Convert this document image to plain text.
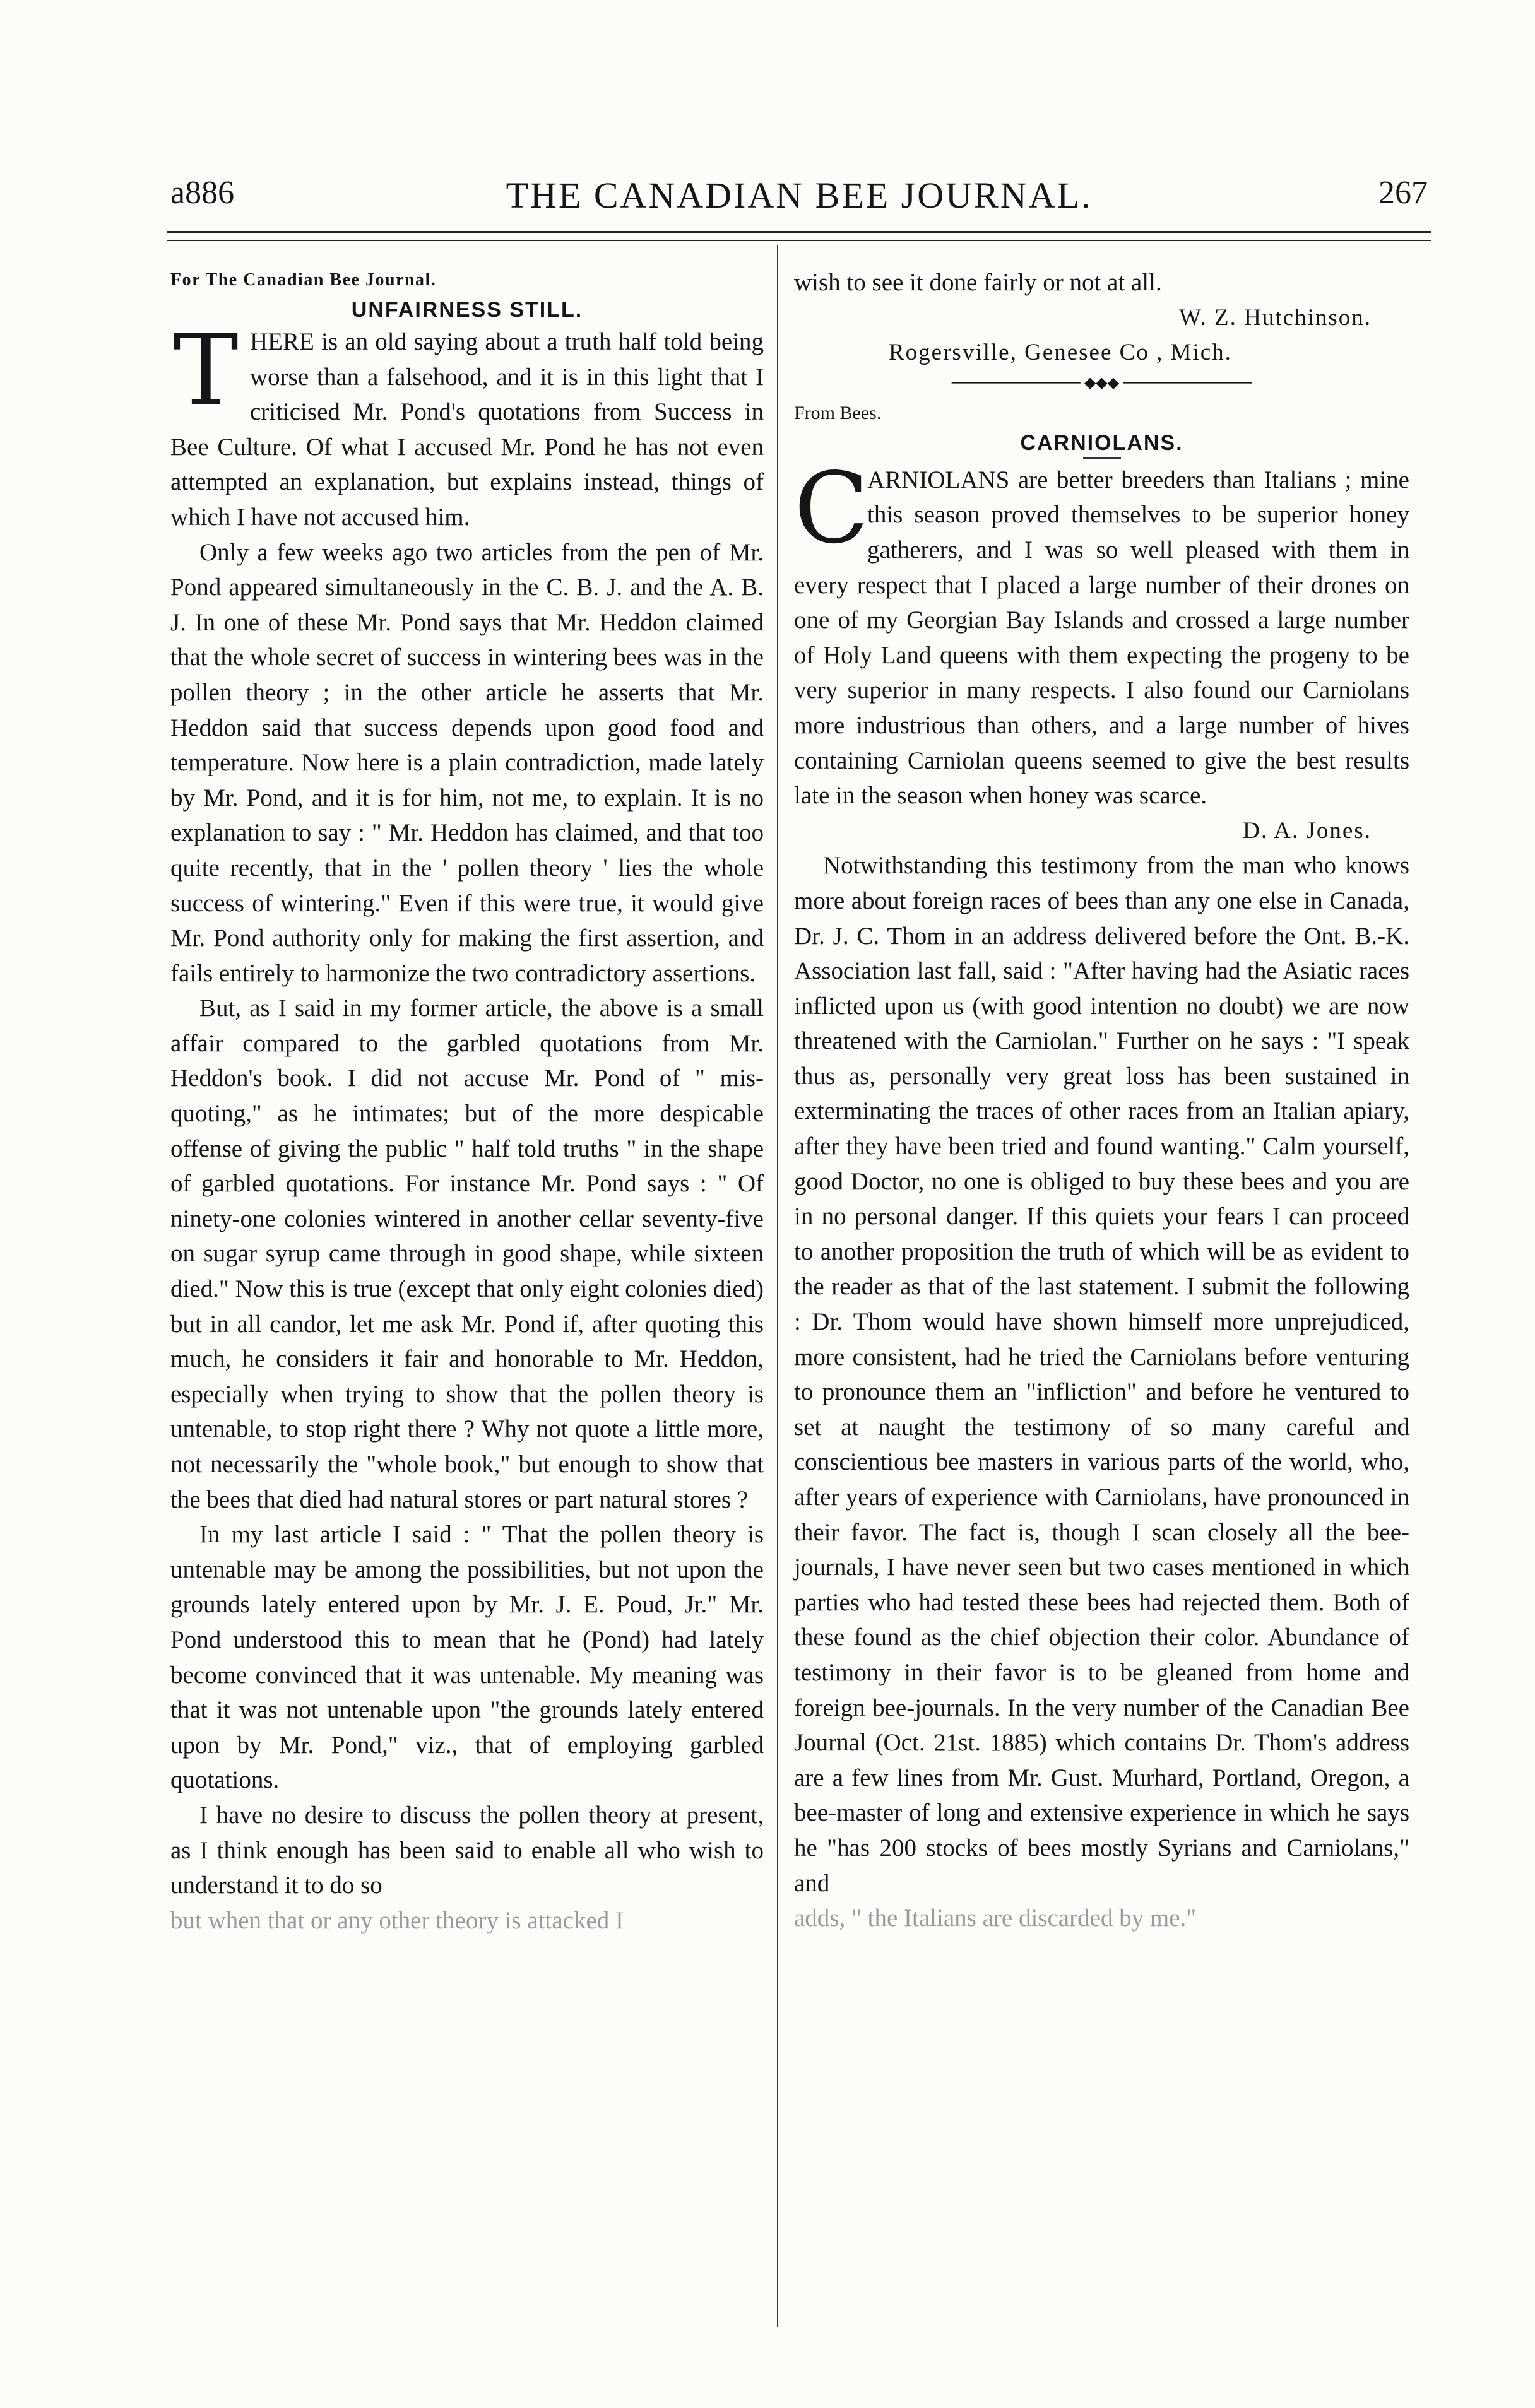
a886	THE CANADIAN BEE JOURNAL.	267
For The Canadian Bee Journal.
UNFAIRNESS STILL.

THERE is an old saying about a truth half told being worse than a falsehood, and it is in this light that I criticised Mr. Pond's quotations from Success in Bee Culture. Of what I accused Mr. Pond he has not even attempted an explanation, but explains instead, things of which I have not accused him.

Only a few weeks ago two articles from the pen of Mr. Pond appeared simultaneously in the C. B. J. and the A. B. J. In one of these Mr. Pond says that Mr. Heddon claimed that the whole secret of success in wintering bees was in the pollen theory ; in the other article he asserts that Mr. Heddon said that success depends upon good food and temperature. Now here is a plain contradiction, made lately by Mr. Pond, and it is for him, not me, to explain. It is no explanation to say : " Mr. Heddon has claimed, and that too quite recently, that in the ' pollen theory ' lies the whole success of wintering." Even if this were true, it would give Mr. Pond authority only for making the first assertion, and fails entirely to harmonize the two contradictory assertions.

But, as I said in my former article, the above is a small affair compared to the garbled quotations from Mr. Heddon's book. I did not accuse Mr. Pond of " mis-quoting," as he intimates; but of the more despicable offense of giving the public " half told truths " in the shape of garbled quotations. For instance Mr. Pond says : " Of ninety-one colonies wintered in another cellar seventy-five on sugar syrup came through in good shape, while sixteen died." Now this is true (except that only eight colonies died) but in all candor, let me ask Mr. Pond if, after quoting this much, he considers it fair and honorable to Mr. Heddon, especially when trying to show that the pollen theory is untenable, to stop right there ? Why not quote a little more, not necessarily the "whole book," but enough to show that the bees that died had natural stores or part natural stores ?

In my last article I said : " That the pollen theory is untenable may be among the possibilities, but not upon the grounds lately entered upon by Mr. J. E. Poud, Jr." Mr. Pond understood this to mean that he (Pond) had lately become convinced that it was untenable. My meaning was that it was not untenable upon "the grounds lately entered upon by Mr. Pond," viz., that of employing garbled quotations.

I have no desire to discuss the pollen theory at present, as I think enough has been said to enable all who wish to understand it to do so

but when that or any other theory is attacked I

wish to see it done fairly or not at all.

W. Z. Hutchinson.
Rogersville, Genesee Co , Mich.
──────────── ◆◆◆ ────────────
From Bees.
CARNIOLANS.

C
ARNIOLANS are better breeders than Italians ; mine this season proved themselves to be superior honey gatherers, and I was so well pleased with them in every respect that I placed a large number of their drones on one of my Georgian Bay Islands and crossed a large number of Holy Land queens with them expecting the progeny to be very superior in many respects. I also found our Carniolans more industrious than others, and a large number of hives containing Carniolan queens seemed to give the best results late in the season when honey was scarce.

D. A. Jones.

Notwithstanding this testimony from the man who knows more about foreign races of bees than any one else in Canada, Dr. J. C. Thom in an address delivered before the Ont. B.-K. Association last fall, said : "After having had the Asiatic races inflicted upon us (with good intention no doubt) we are now threatened with the Carniolan." Further on he says : "I speak thus as, personally very great loss has been sustained in exterminating the traces of other races from an Italian apiary, after they have been tried and found wanting." Calm yourself, good Doctor, no one is obliged to buy these bees and you are in no personal danger. If this quiets your fears I can proceed to another proposition the truth of which will be as evident to the reader as that of the last statement. I submit the following : Dr. Thom would have shown himself more unprejudiced, more consistent, had he tried the Carniolans before venturing to pronounce them an "infliction" and before he ventured to set at naught the testimony of so many careful and conscientious bee masters in various parts of the world, who, after years of experience with Carniolans, have pronounced in their favor. The fact is, though I scan closely all the bee-journals, I have never seen but two cases mentioned in which parties who had tested these bees had rejected them. Both of these found as the chief objection their color. Abundance of testimony in their favor is to be gleaned from home and foreign bee-journals. In the very number of the Canadian Bee Journal (Oct. 21st. 1885) which contains Dr. Thom's address are a few lines from Mr. Gust. Murhard, Portland, Oregon, a bee-master of long and extensive experience in which he says he "has 200 stocks of bees mostly Syrians and Carniolans," and

adds, " the Italians are discarded by me."
